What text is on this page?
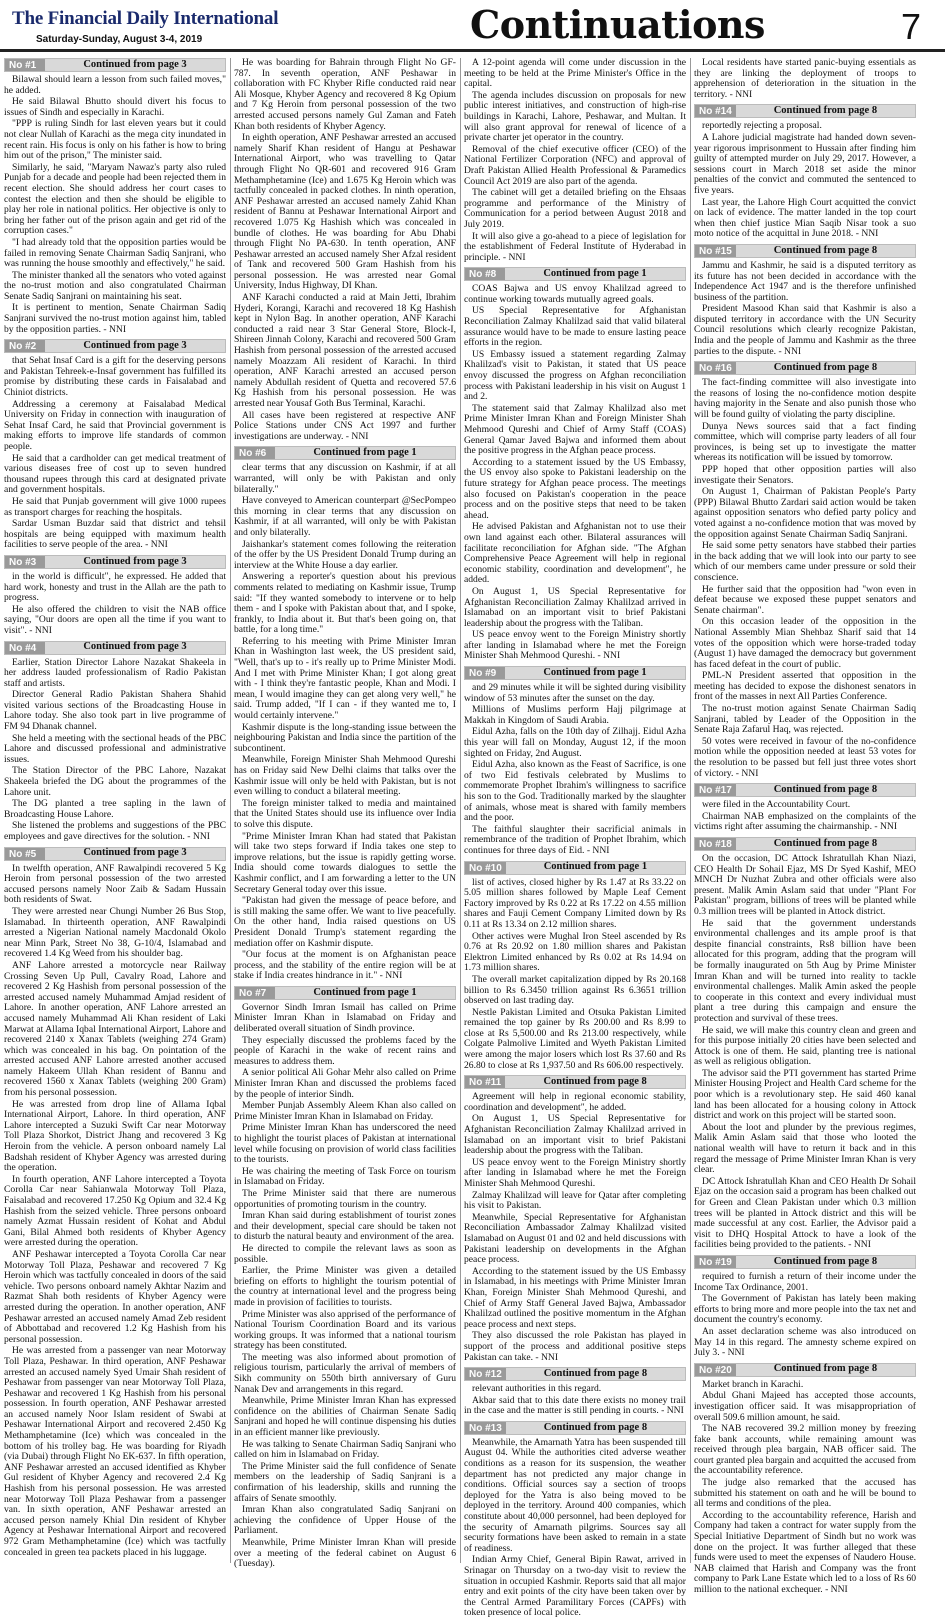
The Financial Daily International
Saturday-Sunday, August 3-4, 2019	Continuations	7
No #1	Continued from page 3

Bilawal should learn a lesson from such failed moves," he added.

He said Bilawal Bhutto should divert his focus to issues of Sindh and especially in Karachi.

"PPP is ruling Sindh for last eleven years but it could not clear Nullah of Karachi as the mega city inundated in recent rain. His focus is only on his father is how to bring him out of the prison," The minister said.

Similarly, he said, "Maryam Nawaz's party also ruled Punjab for a decade and people had been rejected them in recent election. She should address her court cases to contest the election and then she should be eligible to play her role in national politics. Her objective is only to bring her father out of the prison again and get rid of the corruption cases."

"I had already told that the opposition parties would be failed in removing Senate Chairman Sadiq Sanjrani, who was running the house smoothly and effectively," he said.

The minister thanked all the senators who voted against the no-trust motion and also congratulated Chairman Senate Sadiq Sanjrani on maintaining his seat.

It is pertinent to mention, Senate Chairman Sadiq Sanjrani survived the no-trust motion against him, tabled by the opposition parties. - NNI

No #2	Continued from page 3

that Sehat Insaf Card is a gift for the deserving persons and Pakistan Tehreek-e-Insaf government has fulfilled its promise by distributing these cards in Faisalabad and Chiniot districts.

Addressing a ceremony at Faisalabad Medical University on Friday in connection with inauguration of Sehat Insaf Card, he said that Provincial government is making efforts to improve life standards of common people.

He said that a cardholder can get medical treatment of various diseases free of cost up to seven hundred thousand rupees through this card at designated private and government hospitals.

He said that Punjab government will give 1000 rupees as transport charges for reaching the hospitals.

Sardar Usman Buzdar said that district and tehsil hospitals are being equipped with maximum health facilities to serve people of the area. - NNI

No #3	Continued from page 3

in the world is difficult", he expressed. He added that hard work, honesty and trust in the Allah are the path to progress.

He also offered the children to visit the NAB office saying, "Our doors are open all the time if you want to visit". - NNI

No #4	Continued from page 3

Earlier, Station Director Lahore Nazakat Shakeela in her address lauded professionalism of Radio Pakistan staff and artists.

Director General Radio Pakistan Shahera Shahid visited various sections of the Broadcasting House in Lahore today. She also took part in live programme of FM 94 Dhanak channel.

She held a meeting with the sectional heads of the PBC Lahore and discussed professional and administrative issues.

The Station Director of the PBC Lahore, Nazakat Shakeela briefed the DG about the programmes of the Lahore unit.

The DG planted a tree sapling in the lawn of Broadcasting House Lahore.

She listened the problems and suggestions of the PBC employees and gave directives for the solution. - NNI

No #5	Continued from page 3

In twelfth operation, ANF Rawalpindi recovered 5 Kg Heroin from personal possession of the two arrested accused persons namely Noor Zaib & Sadam Hussain both residents of Swat.

They were arrested near Chungi Number 26 Bus Stop, Islamabad. In thirteenth operation, ANF Rawalpindi arrested a Nigerian National namely Macdonald Okolo near Minn Park, Street No 38, G-10/4, Islamabad and recovered 1.4 Kg Weed from his shoulder bag.

ANF Lahore arrested a motorcycle near Railway Crossing Seven Up Pull, Cavalry Road, Lahore and recovered 2 Kg Hashish from personal possession of the arrested accused namely Muhammad Amjad resident of Lahore. In another operation, ANF Lahore arrested an accused namely Muhammad Ali Khan resident of Laki Marwat at Allama Iqbal International Airport, Lahore and recovered 2140 x Xanax Tablets (weighing 274 Gram) which was concealed in his bag. On pointation of the arrested accused ANF Lahore arrested another accused namely Hakeem Ullah Khan resident of Bannu and recovered 1560 x Xanax Tablets (weighing 200 Gram) from his personal possession.

He was arrested from drop line of Allama Iqbal International Airport, Lahore. In third operation, ANF Lahore intercepted a Suzuki Swift Car near Motorway Toll Plaza Shorkot, District Jhang and recovered 3 Kg Heroin from the vehicle. A person onboard namely Lal Badshah resident of Khyber Agency was arrested during the operation.

In fourth operation, ANF Lahore intercepted a Toyota Corolla Car near Sahianwala Motorway Toll Plaza, Faisalabad and recovered 17.250 Kg Opium and 32.4 Kg Hashish from the seized vehicle. Three persons onboard namely Azmat Hussain resident of Kohat and Abdul Gani, Bilal Ahmed both residents of Khyber Agency were arrested during the operation.

ANF Peshawar intercepted a Toyota Corolla Car near Motorway Toll Plaza, Peshawar and recovered 7 Kg Heroin which was tactfully concealed in doors of the said vehicle. Two persons onboard namely Akhtar Nazim and Razmat Shah both residents of Khyber Agency were arrested during the operation. In another operation, ANF Peshawar arrested an accused namely Amad Zeb resident of Abbottabad and recovered 1.2 Kg Hashish from his personal possession.

He was arrested from a passenger van near Motorway Toll Plaza, Peshawar. In third operation, ANF Peshawar arrested an accused namely Syed Umair Shah resident of Peshawar from passenger van near Motorway Toll Plaza, Peshawar and recovered 1 Kg Hashish from his personal possession. In fourth operation, ANF Peshawar arrested an accused namely Noor Islam resident of Swabi at Peshawar International Airport and recovered 2.450 Kg Methamphetamine (Ice) which was concealed in the bottom of his trolley bag. He was boarding for Riyadh (via Dubai) through Flight No EK-637. In fifth operation, ANF Peshawar arrested an accused identified as Khyber Gul resident of Khyber Agency and recovered 2.4 Kg Hashish from his personal possession. He was arrested near Motorway Toll Plaza Peshawar from a passenger van. In sixth operation, ANF Peshawar arrested an accused person namely Khial Din resident of Khyber Agency at Peshawar International Airport and recovered 972 Gram Methamphetamine (Ice) which was tactfully concealed in green tea packets placed in his luggage.

He was boarding for Bahrain through Flight No GF-787. In seventh operation, ANF Peshawar in collaboration with FC Khyber Rifle conducted raid near Ali Mosque, Khyber Agency and recovered 8 Kg Opium and 7 Kg Heroin from personal possession of the two arrested accused persons namely Gul Zaman and Fateh Khan both residents of Khyber Agency.

In eighth operation, ANF Peshawar arrested an accused namely Sharif Khan resident of Hangu at Peshawar International Airport, who was travelling to Qatar through Flight No QR-601 and recovered 916 Gram Methamphetamine (Ice) and 1.675 Kg Heroin which was tactfully concealed in packed clothes. In ninth operation, ANF Peshawar arrested an accused namely Zahid Khan resident of Bannu at Peshawar International Airport and recovered 1.075 Kg Hashish which was concealed in bundle of clothes. He was boarding for Abu Dhabi through Flight No PA-630. In tenth operation, ANF Peshawar arrested an accused namely Sher Afzal resident of Tank and recovered 500 Gram Hashish from his personal possession. He was arrested near Gomal University, Indus Highway, DI Khan.

ANF Karachi conducted a raid at Main Jetti, Ibrahim Hyderi, Korangi, Karachi and recovered 18 Kg Hashish kept in Nylon Bag. In another operation, ANF Karachi conducted a raid near 3 Star General Store, Block-I, Shireen Jinnah Colony, Karachi and recovered 500 Gram Hashish from personal possession of the arrested accused namely Moazzam Ali resident of Karachi. In third operation, ANF Karachi arrested an accused person namely Abdullah resident of Quetta and recovered 57.6 Kg Hashish from his personal possession. He was arrested near Yousaf Goth Bus Terminal, Karachi.

All cases have been registered at respective ANF Police Stations under CNS Act 1997 and further investigations are underway. - NNI

No #6	Continued from page 1

clear terms that any discussion on Kashmir, if at all warranted, will only be with Pakistan and only bilaterally."

Have conveyed to American counterpart @SecPompeo this morning in clear terms that any discussion on Kashmir, if at all warranted, will only be with Pakistan and only bilaterally.

Jaishankar's statement comes following the reiteration of the offer by the US President Donald Trump during an interview at the White House a day earlier.

Answering a reporter's question about his previous comments related to mediating on Kashmir issue, Trump said: "If they wanted somebody to intervene or to help them - and I spoke with Pakistan about that, and I spoke, frankly, to India about it. But that's been going on, that battle, for a long time."

Referring to his meeting with Prime Minister Imran Khan in Washington last week, the US president said, "Well, that's up to - it's really up to Prime Minister Modi. And I met with Prime Minister Khan; I got along great with - I think they're fantastic people, Khan and Modi. I mean, I would imagine they can get along very well," he said. Trump added, "If I can - if they wanted me to, I would certainly intervene."

Kashmir dispute is the long-standing issue between the neighbouring Pakistan and India since the partition of the subcontinent.

Meanwhile, Foreign Minister Shah Mehmood Qureshi has on Friday said New Delhi claims that talks over the Kashmir issue will only be held with Pakistan, but is not even willing to conduct a bilateral meeting.

The foreign minister talked to media and maintained that the United States should use its influence over India to solve this dispute.

"Prime Minister Imran Khan had stated that Pakistan will take two steps forward if India takes one step to improve relations, but the issue is rapidly getting worse. India should come towards dialogues to settle the Kashmir conflict, and I am forwarding a letter to the UN Secretary General today over this issue.

"Pakistan had given the message of peace before, and is still making the same offer. We want to live peacefully. On the other hand, India raised questions on US President Donald Trump's statement regarding the mediation offer on Kashmir dispute.

"Our focus at the moment is on Afghanistan peace process, and the stability of the entire region will be at stake if India creates hindrance in it." - NNI

No #7	Continued from page 1

Governor Sindh Imran Ismail has called on Prime Minister Imran Khan in Islamabad on Friday and deliberated overall situation of Sindh province.

They especially discussed the problems faced by the people of Karachi in the wake of recent rains and measures to address them.

A senior political Ali Gohar Mehr also called on Prime Minister Imran Khan and discussed the problems faced by the people of interior Sindh.

Member Punjab Assembly Aleem Khan also called on Prime Minister Imran Khan in Islamabad on Friday.

Prime Minister Imran Khan has underscored the need to highlight the tourist places of Pakistan at international level while focusing on provision of world class facilities to the tourists.

He was chairing the meeting of Task Force on tourism in Islamabad on Friday.

The Prime Minister said that there are numerous opportunities of promoting tourism in the country.

Imran Khan said during establishment of tourist zones and their development, special care should be taken not to disturb the natural beauty and environment of the area.

He directed to compile the relevant laws as soon as possible.

Earlier, the Prime Minister was given a detailed briefing on efforts to highlight the tourism potential of the country at international level and the progress being made in provision of facilities to tourists.

Prime Minister was also apprised of the performance of National Tourism Coordination Board and its various working groups. It was informed that a national tourism strategy has been constituted.

The meeting was also informed about promotion of religious tourism, particularly the arrival of members of Sikh community on 550th birth anniversary of Guru Nanak Dev and arrangements in this regard.

Meanwhile, Prime Minister Imran Khan has expressed confidence on the abilities of Chairman Senate Sadiq Sanjrani and hoped he will continue dispensing his duties in an efficient manner like previously.

He was talking to Senate Chairman Sadiq Sanjrani who called on him in Islamabad on Friday.

The Prime Minister said the full confidence of Senate members on the leadership of Sadiq Sanjrani is a confirmation of his leadership, skills and running the affairs of Senate smoothly.

Imran Khan also congratulated Sadiq Sanjrani on achieving the confidence of Upper House of the Parliament.

Meanwhile, Prime Minister Imran Khan will preside over a meeting of the federal cabinet on August 6 (Tuesday).

A 12-point agenda will come under discussion in the meeting to be held at the Prime Minister's Office in the capital.

The agenda includes discussion on proposals for new public interest initiatives, and construction of high-rise buildings in Karachi, Lahore, Peshawar, and Multan. It will also grant approval for renewal of licence of a private charter jet operator in the country.

Removal of the chief executive officer (CEO) of the National Fertilizer Corporation (NFC) and approval of Draft Pakistan Allied Health Professional & Paramedics Council Act 2019 are also part of the agenda.

The cabinet will get a detailed briefing on the Ehsaas programme and performance of the Ministry of Communication for a period between August 2018 and July 2019.

It will also give a go-ahead to a piece of legislation for the establishment of Federal Institute of Hyderabad in principle. - NNI

No #8	Continued from page 1

COAS Bajwa and US envoy Khalilzad agreed to continue working towards mutually agreed goals.

US Special Representative for Afghanistan Reconciliation Zalmay Khalilzad said that valid bilateral assurance would have to be made to ensure lasting peace efforts in the region.

US Embassy issued a statement regarding Zalmay Khalilzad's visit to Pakistan, it stated that US peace envoy discussed the progress on Afghan reconciliation process with Pakistani leadership in his visit on August 1 and 2.

The statement said that Zalmay Khalilzad also met Prime Minister Imran Khan and Foreign Minister Shah Mehmood Qureshi and Chief of Army Staff (COAS) General Qamar Javed Bajwa and informed them about the positive progress in the Afghan peace process.

According to a statement issued by the US Embassy, the US envoy also spoke to Pakistani leadership on the future strategy for Afghan peace process. The meetings also focused on Pakistan's cooperation in the peace process and on the positive steps that need to be taken ahead.

He advised Pakistan and Afghanistan not to use their own land against each other. Bilateral assurances will facilitate reconciliation for Afghan side. "The Afghan Comprehensive Peace Agreement will help in regional economic stability, coordination and development", he added.

On August 1, US Special Representative for Afghanistan Reconciliation Zalmay Khalilzad arrived in Islamabad on an important visit to brief Pakistani leadership about the progress with the Taliban.

US peace envoy went to the Foreign Ministry shortly after landing in Islamabad where he met the Foreign Minister Shah Mehmood Qureshi. - NNI

No #9	Continued from page 1

and 29 minutes while it will be sighted during visibility window of 53 minutes after the sunset on the day.

Millions of Muslims perform Hajj pilgrimage at Makkah in Kingdom of Saudi Arabia.

Eidul Azha, falls on the 10th day of Zilhajj. Eidul Azha this year will fall on Monday, August 12, if the moon sighted on Friday, 2nd August.

Eidul Azha, also known as the Feast of Sacrifice, is one of two Eid festivals celebrated by Muslims to commemorate Prophet Ibrahim's willingness to sacrifice his son to the God. Traditionally marked by the slaughter of animals, whose meat is shared with family members and the poor.

The faithful slaughter their sacrificial animals in remembrance of the tradition of Prophet Ibrahim, which continues for three days of Eid. - NNI

No #10	Continued from page 1

list of actives, closed higher by Rs 1.47 at Rs 33.22 on 5.05 million shares followed by Maple Leaf Cement Factory improved by Rs 0.22 at Rs 17.22 on 4.55 million shares and Fauji Cement Company Limited down by Rs 0.11 at Rs 13.34 on 2.12 million shares.

Other actives were Mughal Iron Steel ascended by Rs 0.76 at Rs 20.92 on 1.80 million shares and Pakistan Elektron Limited enhanced by Rs 0.02 at Rs 14.94 on 1.73 million shares.

The overall market capitalization dipped by Rs 20.168 billion to Rs 6.3450 trillion against Rs 6.3651 trillion observed on last trading day.

Nestle Pakistan Limited and Otsuka Pakistan Limited remained the top gainer by Rs 200.00 and Rs 8.99 to close at Rs 5,500.00 and Rs 213.00 respectively, while Colgate Palmolive Limited and Wyeth Pakistan Limited were among the major losers which lost Rs 37.60 and Rs 26.80 to close at Rs 1,937.50 and Rs 606.00 respectively.

No #11	Continued from page 8

Agreement will help in regional economic stability, coordination and development", he added.

On August 1, US Special Representative for Afghanistan Reconciliation Zalmay Khalilzad arrived in Islamabad on an important visit to brief Pakistani leadership about the progress with the Taliban.

US peace envoy went to the Foreign Ministry shortly after landing in Islamabad where he met the Foreign Minister Shah Mehmood Qureshi.

Zalmay Khalilzad will leave for Qatar after completing his visit to Pakistan.

Meanwhile, Special Representative for Afghanistan Reconciliation Ambassador Zalmay Khalilzad visited Islamabad on August 01 and 02 and held discussions with Pakistani leadership on developments in the Afghan peace process.

According to the statement issued by the US Embassy in Islamabad, in his meetings with Prime Minister Imran Khan, Foreign Minister Shah Mehmood Qureshi, and Chief of Army Staff General Javed Bajwa, Ambassador Khalilzad outlined the positive momentum in the Afghan peace process and next steps.

They also discussed the role Pakistan has played in support of the process and additional positive steps Pakistan can take. - NNI

No #12	Continued from page 8

relevant authorities in this regard.

Akbar said that to this date there exists no money trail in the case and the matter is still pending in courts. - NNI

No #13	Continued from page 8

Meanwhile, the Amarnath Yatra has been suspended till August 04. While the authorities cited adverse weather conditions as a reason for its suspension, the weather department has not predicted any major change in conditions. Official sources say a section of troops deployed for the Yatra is also being moved to be deployed in the territory. Around 400 companies, which constitute about 40,000 personnel, had been deployed for the security of Amarnath pilgrims. Sources say all security formations have been asked to remain in a state of readiness.

Indian Army Chief, General Bipin Rawat, arrived in Srinagar on Thursday on a two-day visit to review the situation in occupied Kashmir. Reports said that all major entry and exit points of the city have been taken over by the Central Armed Paramilitary Forces (CAPFs) with token presence of local police.

Local residents have started panic-buying essentials as they are linking the deployment of troops to apprehension of deterioration in the situation in the territory. - NNI

No #14	Continued from page 8

reportedly rejecting a proposal.

A Lahore judicial magistrate had handed down seven-year rigorous imprisonment to Hussain after finding him guilty of attempted murder on July 29, 2017. However, a sessions court in March 2018 set aside the minor penalties of the convict and commuted the sentenced to five years.

Last year, the Lahore High Court acquitted the convict on lack of evidence. The matter landed in the top court when then chief justice Mian Saqib Nisar took a suo moto notice of the acquittal in June 2018. - NNI

No #15	Continued from page 8

Jammu and Kashmir, he said is a disputed territory as its future has not been decided in accordance with the Independence Act 1947 and is the therefore unfinished business of the partition.

President Masood Khan said that Kashmir is also a disputed territory in accordance with the UN Security Council resolutions which clearly recognize Pakistan, India and the people of Jammu and Kashmir as the three parties to the dispute. - NNI

No #16	Continued from page 8

The fact-finding committee will also investigate into the reasons of losing the no-confidence motion despite having majority in the Senate and also punish those who will be found guilty of violating the party discipline.

Dunya News sources said that a fact finding committee, which will comprise party leaders of all four provinces, is being set up to investigate the matter whereas its notification will be issued by tomorrow.

PPP hoped that other opposition parties will also investigate their Senators.

On August 1, Chairman of Pakistan People's Party (PPP) Bilawal Bhutto Zardari said action would be taken against opposition senators who defied party policy and voted against a no-confidence motion that was moved by the opposition against Senate Chairman Sadiq Sanjrani.

He said some petty senators have stabbed their parties in the back adding that we will look into our party to see which of our members came under pressure or sold their conscience.

He further said that the opposition had "won even in defeat because we exposed these puppet senators and Senate chairman".

On this occasion leader of the opposition in the National Assembly Mian Shehbaz Sharif said that 14 votes of the opposition which were horse-traded today (August 1) have damaged the democracy but government has faced defeat in the court of public.

PML-N President asserted that opposition in the meeting has decided to expose the dishonest senators in front of the masses in next All Parties Conference.

The no-trust motion against Senate Chairman Sadiq Sanjrani, tabled by Leader of the Opposition in the Senate Raja Zafarul Haq, was rejected.

50 votes were received in favour of the no-confidence motion while the opposition needed at least 53 votes for the resolution to be passed but fell just three votes short of victory. - NNI

No #17	Continued from page 8

were filed in the Accountability Court.

Chairman NAB emphasized on the complaints of the victims right after assuming the chairmanship. - NNI

No #18	Continued from page 8

On the occasion, DC Attock Ishratullah Khan Niazi, CEO Health Dr Sohail Ejaz, MS Dr Syed Kashif, MEO MNCH Dr Nuzhat Zubra and other officials were also present. Malik Amin Aslam said that under "Plant For Pakistan" program, billions of trees will be planted while 0.3 million trees will be planted in Attock district.

He said that the government understands environmental challenges and its ample proof is that despite financial constraints, Rs8 billion have been allocated for this program, adding that the program will be formally inaugurated on 5th Aug by Prime Minister Imran Khan and will be turned into reality to tackle environmental challenges. Malik Amin asked the people to cooperate in this context and every individual must plant a tree during this campaign and ensure the protection and survival of these trees.

He said, we will make this country clean and green and for this purpose initially 20 cities have been selected and Attock is one of them. He said, planting tree is national as well as religious obligation.

The advisor said the PTI government has started Prime Minister Housing Project and Health Card scheme for the poor which is a revolutionary step. He said 460 kanal land has been allocated for a housing colony in Attock district and work on this project will be started soon.

About the loot and plunder by the previous regimes, Malik Amin Aslam said that those who looted the national wealth will have to return it back and in this regard the message of Prime Minister Imran Khan is very clear.

DC Attock Ishratullah Khan and CEO Health Dr Sohail Ejaz on the occasion said a program has been chalked out for Green and Clean Pakistan under which 0.3 million trees will be planted in Attock district and this will be made successful at any cost. Earlier, the Advisor paid a visit to DHQ Hospital Attock to have a look of the facilities being provided to the patients. - NNI

No #19	Continued from page 8

required to furnish a return of their income under the Income Tax Ordinance, 2001.

The Government of Pakistan has lately been making efforts to bring more and more people into the tax net and document the country's economy.

An asset declaration scheme was also introduced on May 14 in this regard. The amnesty scheme expired on July 3. - NNI

No #20	Continued from page 8

Market branch in Karachi.

Abdul Ghani Majeed has accepted those accounts, investigation officer said. It was misappropriation of overall 509.6 million amount, he said.

The NAB recovered 39.2 million money by freezing fake bank accounts, while remaining amount was received through plea bargain, NAB officer said. The court granted plea bargain and acquitted the accused from the accountability reference.

The judge also remarked that the accused has submitted his statement on oath and he will be bound to all terms and conditions of the plea.

According to the accountability reference, Harish and Company had taken a contract for water supply from the Special Initiative Department of Sindh but no work was done on the project. It was further alleged that these funds were used to meet the expenses of Naudero House. NAB claimed that Harish and Company was the front company to Park Lane Estate which led to a loss of Rs 60 million to the national exchequer. - NNI
